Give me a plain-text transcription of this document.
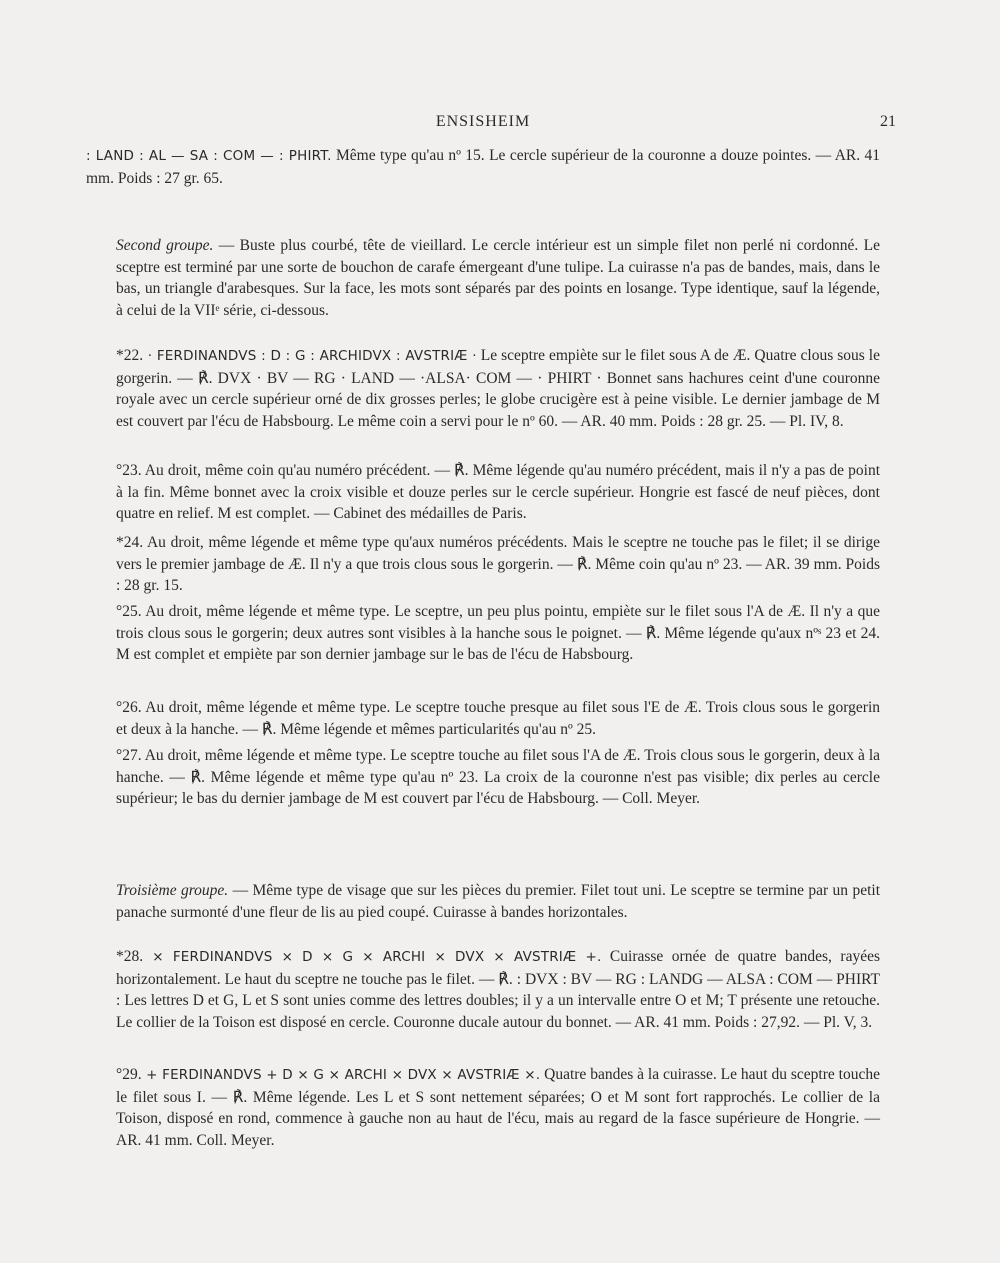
ENSISHEIM	21

: LAND : AL — SA : COM — : PHIRT. Même type qu'au nº 15. Le cercle supérieur de la couronne a douze pointes. — AR. 41 mm. Poids : 27 gr. 65.

Second groupe. — Buste plus courbé, tête de vieillard. Le cercle intérieur est un simple filet non perlé ni cordonné. Le sceptre est terminé par une sorte de bouchon de carafe émergeant d'une tulipe. La cuirasse n'a pas de bandes, mais, dans le bas, un triangle d'arabesques. Sur la face, les mots sont séparés par des points en losange. Type identique, sauf la légende, à celui de la VIIᵉ série, ci-dessous.

*22. · FERDINANDVS : D : G : ARCHIDVX : AVSTRIÆ · Le sceptre empiète sur le filet sous A de Æ. Quatre clous sous le gorgerin. — ℟. DVX · BV — RG · LAND — ·ALSA· COM — · PHIRT · Bonnet sans hachures ceint d'une couronne royale avec un cercle supérieur orné de dix grosses perles; le globe crucigère est à peine visible. Le dernier jambage de M est couvert par l'écu de Habsbourg. Le même coin a servi pour le nº 60. — AR. 40 mm. Poids : 28 gr. 25. — Pl. IV, 8.

°23. Au droit, même coin qu'au numéro précédent. — ℟. Même légende qu'au numéro précédent, mais il n'y a pas de point à la fin. Même bonnet avec la croix visible et douze perles sur le cercle supérieur. Hongrie est fascé de neuf pièces, dont quatre en relief. M est complet. — Cabinet des médailles de Paris.

*24. Au droit, même légende et même type qu'aux numéros précédents. Mais le sceptre ne touche pas le filet; il se dirige vers le premier jambage de Æ. Il n'y a que trois clous sous le gorgerin. — ℟. Même coin qu'au nº 23. — AR. 39 mm. Poids : 28 gr. 15.

°25. Au droit, même légende et même type. Le sceptre, un peu plus pointu, empiète sur le filet sous l'A de Æ. Il n'y a que trois clous sous le gorgerin; deux autres sont visibles à la hanche sous le poignet. — ℟. Même légende qu'aux nºˢ 23 et 24. M est complet et empiète par son dernier jambage sur le bas de l'écu de Habsbourg.

°26. Au droit, même légende et même type. Le sceptre touche presque au filet sous l'E de Æ. Trois clous sous le gorgerin et deux à la hanche. — ℟. Même légende et mêmes particularités qu'au nº 25.

°27. Au droit, même légende et même type. Le sceptre touche au filet sous l'A de Æ. Trois clous sous le gorgerin, deux à la hanche. — ℟. Même légende et même type qu'au nº 23. La croix de la couronne n'est pas visible; dix perles au cercle supérieur; le bas du dernier jambage de M est couvert par l'écu de Habsbourg. — Coll. Meyer.

Troisième groupe. — Même type de visage que sur les pièces du premier. Filet tout uni. Le sceptre se termine par un petit panache surmonté d'une fleur de lis au pied coupé. Cuirasse à bandes horizontales.

*28. × FERDINANDVS × D × G × ARCHI × DVX × AVSTRIÆ +. Cuirasse ornée de quatre bandes, rayées horizontalement. Le haut du sceptre ne touche pas le filet. — ℟. : DVX : BV — RG : LANDG — ALSA : COM — PHIRT : Les lettres D et G, L et S sont unies comme des lettres doubles; il y a un intervalle entre O et M; T présente une retouche. Le collier de la Toison est disposé en cercle. Couronne ducale autour du bonnet. — AR. 41 mm. Poids : 27,92. — Pl. V, 3.

°29. + FERDINANDVS + D × G × ARCHI × DVX × AVSTRIÆ ×. Quatre bandes à la cuirasse. Le haut du sceptre touche le filet sous I. — ℟. Même légende. Les L et S sont nettement séparées; O et M sont fort rapprochés. Le collier de la Toison, disposé en rond, commence à gauche non au haut de l'écu, mais au regard de la fasce supérieure de Hongrie. — AR. 41 mm. Coll. Meyer.
